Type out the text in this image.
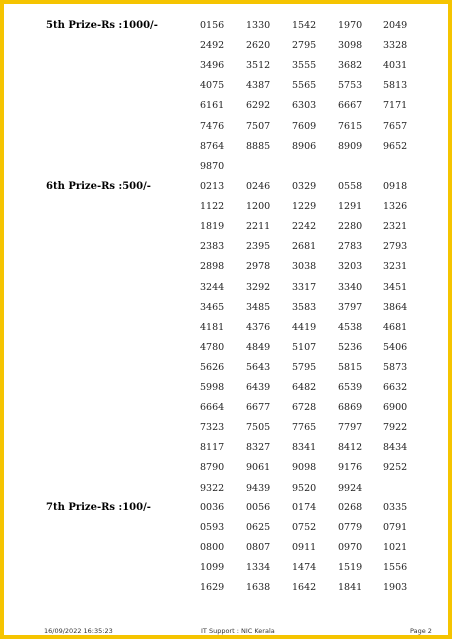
5th Prize-Rs :1000/-	0156 1330 1542 1970 2049
2492 2620 2795 3098 3328
3496 3512 3555 3682 4031
4075 4387 5565 5753 5813
6161 6292 6303 6667 7171
7476 7507 7609 7615 7657
8764 8885 8906 8909 9652
9870
6th Prize-Rs :500/-	0213 0246 0329 0558 0918
1122 1200 1229 1291 1326
1819 2211 2242 2280 2321
2383 2395 2681 2783 2793
2898 2978 3038 3203 3231
3244 3292 3317 3340 3451
3465 3485 3583 3797 3864
4181 4376 4419 4538 4681
4780 4849 5107 5236 5406
5626 5643 5795 5815 5873
5998 6439 6482 6539 6632
6664 6677 6728 6869 6900
7323 7505 7765 7797 7922
8117 8327 8341 8412 8434
8790 9061 9098 9176 9252
9322 9439 9520 9924
7th Prize-Rs :100/-	0036 0056 0174 0268 0335
0593 0625 0752 0779 0791
0800 0807 0911 0970 1021
1099 1334 1474 1519 1556
1629 1638 1642 1841 1903
16/09/2022 16:35:23	IT Support : NIC Kerala	Page 2
